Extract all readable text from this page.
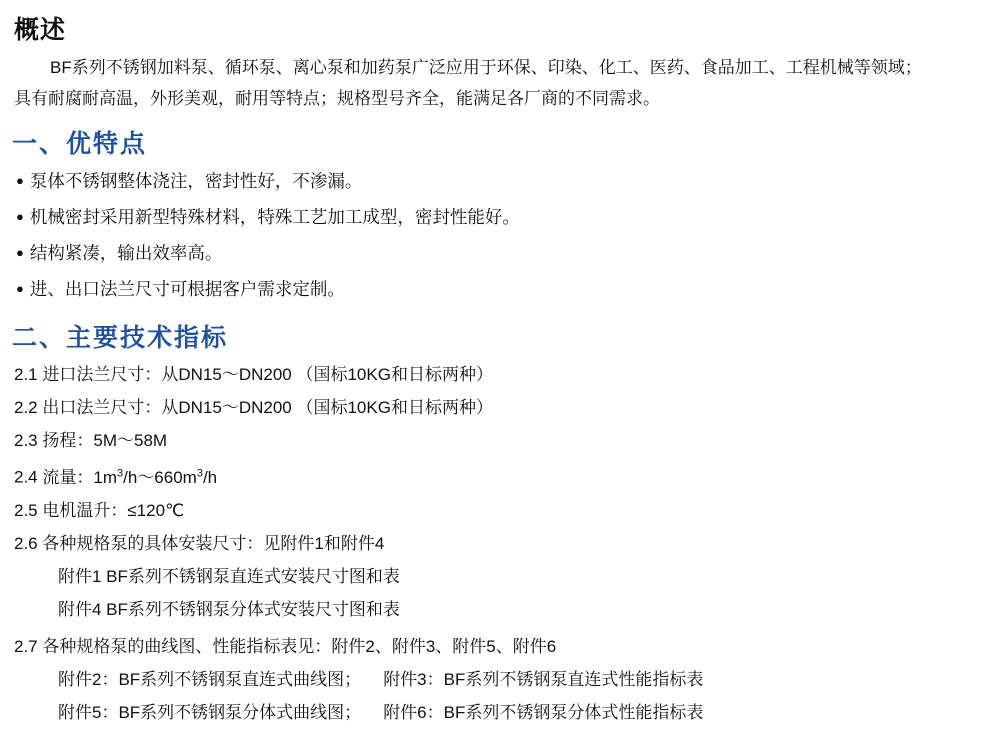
概述

BF系列不锈钢加料泵、循环泵、离心泵和加药泵广泛应用于环保、印染、化工、医药、食品加工、工程机械等领域；
具有耐腐耐高温，外形美观，耐用等特点；规格型号齐全，能满足各厂商的不同需求。

一、优特点
● 泵体不锈钢整体浇注，密封性好，不渗漏。
● 机械密封采用新型特殊材料，特殊工艺加工成型，密封性能好。
● 结构紧凑，输出效率高。
● 进、出口法兰尺寸可根据客户需求定制。
二、主要技术指标
2.1 进口法兰尺寸：从DN15～DN200 （国标10KG和日标两种）
2.2 出口法兰尺寸：从DN15～DN200 （国标10KG和日标两种）
2.3 扬程：5M～58M
2.4 流量：$1m^3/h\sim 660m^3/h$
2.5 电机温升：≤120℃
2.6 各种规格泵的具体安装尺寸：见附件1和附件4
附件1 BF系列不锈钢泵直连式安装尺寸图和表
附件4 BF系列不锈钢泵分体式安装尺寸图和表
2.7 各种规格泵的曲线图、性能指标表见：附件2、附件3、附件5、附件6
附件2：BF系列不锈钢泵直连式曲线图； 附件3：BF系列不锈钢泵直连式性能指标表
附件5：BF系列不锈钢泵分体式曲线图； 附件6：BF系列不锈钢泵分体式性能指标表
